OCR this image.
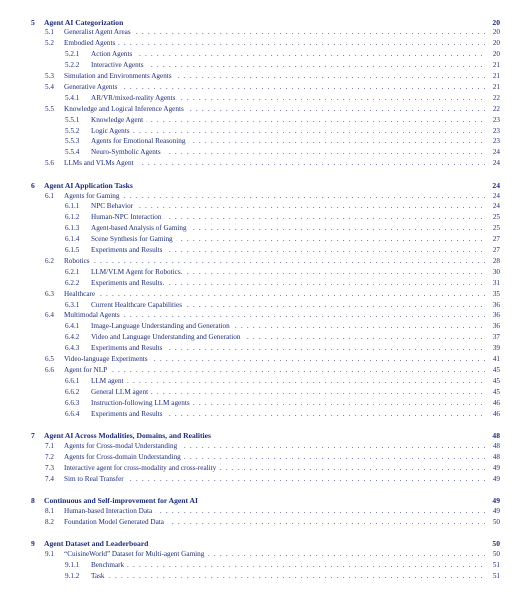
5 Agent AI Categorization	20
5.1 Generalist Agent Areas . . .	20
5.2 Embodied Agents . . .	20
5.2.1 Action Agents . . .	20
5.2.2 Interactive Agents . . .	21
5.3 Simulation and Environments Agents . . .	21
5.4 Generative Agents . . .	21
5.4.1 AR/VR/mixed-reality Agents . . .	22
5.5 Knowledge and Logical Inference Agents . . .	22
5.5.1 Knowledge Agent . . .	23
5.5.2 Logic Agents . . .	23
5.5.3 Agents for Emotional Reasoning . . .	23
5.5.4 Neuro-Symbolic Agents . . .	24
5.6 LLMs and VLMs Agent . . .	24
6 Agent AI Application Tasks	24
6.1 Agents for Gaming . . .	24
6.1.1 NPC Behavior . . .	24
6.1.2 Human-NPC Interaction . . .	25
6.1.3 Agent-based Analysis of Gaming . . .	25
6.1.4 Scene Synthesis for Gaming . . .	27
6.1.5 Experiments and Results . . .	27
6.2 Robotics . . .	28
6.2.1 LLM/VLM Agent for Robotics. . . .	30
6.2.2 Experiments and Results. . . .	31
6.3 Healthcare . . .	35
6.3.1 Current Healthcare Capabilities . . .	36
6.4 Multimodal Agents . . .	36
6.4.1 Image-Language Understanding and Generation . . .	36
6.4.2 Video and Language Understanding and Generation . . .	37
6.4.3 Experiments and Results . . .	39
6.5 Video-language Experiments . . .	41
6.6 Agent for NLP . . .	45
6.6.1 LLM agent . . .	45
6.6.2 General LLM agent . . .	45
6.6.3 Instruction-following LLM agents . . .	46
6.6.4 Experiments and Results . . .	46
7 Agent AI Across Modalities, Domains, and Realities	48
7.1 Agents for Cross-modal Understanding . . .	48
7.2 Agents for Cross-domain Understanding . . .	48
7.3 Interactive agent for cross-modality and cross-reality . . .	49
7.4 Sim to Real Transfer . . .	49
8 Continuous and Self-improvement for Agent AI	49
8.1 Human-based Interaction Data . . .	49
8.2 Foundation Model Generated Data . . .	50
9 Agent Dataset and Leaderboard	50
9.1 “CuisineWorld” Dataset for Multi-agent Gaming . . .	50
9.1.1 Benchmark . . .	51
9.1.2 Task . . .	51
